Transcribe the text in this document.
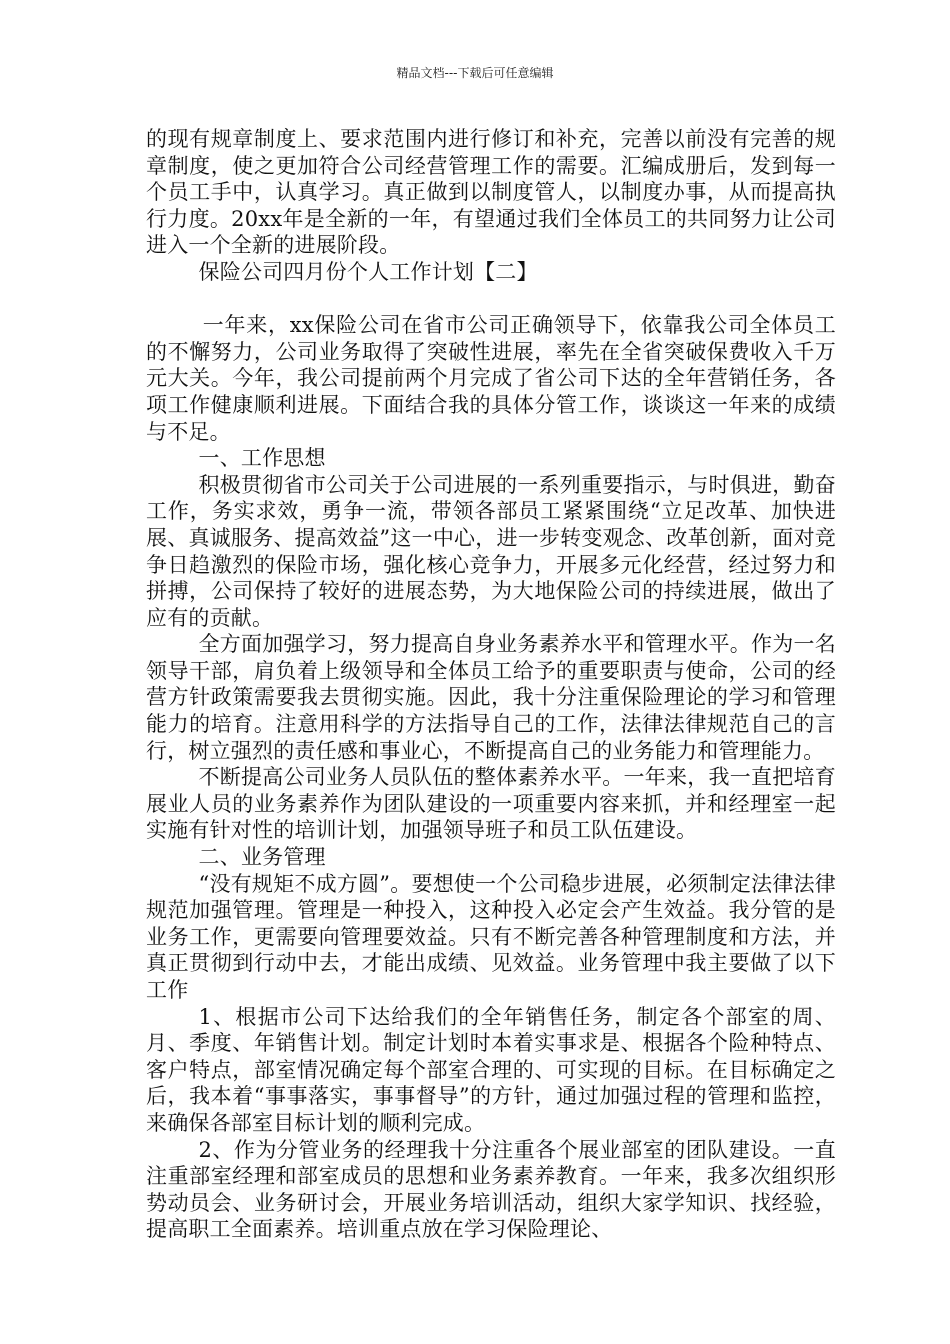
精品文档---下载后可任意编辑

的现有规章制度上、要求范围内进行修订和补充，完善以前没有完善的规章制度，使之更加符合公司经营管理工作的需要。汇编成册后，发到每一个员工手中，认真学习。真正做到以制度管人，以制度办事，从而提高执行力度。20xx年是全新的一年，有望通过我们全体员工的共同努力让公司进入一个全新的进展阶段。

保险公司四月份个人工作计划【二】

一年来，xx保险公司在省市公司正确领导下，依靠我公司全体员工的不懈努力，公司业务取得了突破性进展，率先在全省突破保费收入千万元大关。今年，我公司提前两个月完成了省公司下达的全年营销任务，各项工作健康顺利进展。下面结合我的具体分管工作，谈谈这一年来的成绩与不足。

一、工作思想

积极贯彻省市公司关于公司进展的一系列重要指示，与时俱进，勤奋工作，务实求效，勇争一流，带领各部员工紧紧围绕“立足改革、加快进展、真诚服务、提高效益”这一中心，进一步转变观念、改革创新，面对竞争日趋激烈的保险市场，强化核心竞争力，开展多元化经营，经过努力和拼搏，公司保持了较好的进展态势，为大地保险公司的持续进展，做出了应有的贡献。

全方面加强学习，努力提高自身业务素养水平和管理水平。作为一名领导干部，肩负着上级领导和全体员工给予的重要职责与使命，公司的经营方针政策需要我去贯彻实施。因此，我十分注重保险理论的学习和管理能力的培育。注意用科学的方法指导自己的工作，法律法律规范自己的言行，树立强烈的责任感和事业心，不断提高自己的业务能力和管理能力。

不断提高公司业务人员队伍的整体素养水平。一年来，我一直把培育展业人员的业务素养作为团队建设的一项重要内容来抓，并和经理室一起实施有针对性的培训计划，加强领导班子和员工队伍建设。

二、业务管理

“没有规矩不成方圆”。要想使一个公司稳步进展，必须制定法律法律规范加强管理。管理是一种投入，这种投入必定会产生效益。我分管的是业务工作，更需要向管理要效益。只有不断完善各种管理制度和方法，并真正贯彻到行动中去，才能出成绩、见效益。业务管理中我主要做了以下工作

1、根据市公司下达给我们的全年销售任务，制定各个部室的周、月、季度、年销售计划。制定计划时本着实事求是、根据各个险种特点、客户特点，部室情况确定每个部室合理的、可实现的目标。在目标确定之后，我本着“事事落实，事事督导”的方针，通过加强过程的管理和监控，来确保各部室目标计划的顺利完成。

2、作为分管业务的经理我十分注重各个展业部室的团队建设。一直注重部室经理和部室成员的思想和业务素养教育。一年来，我多次组织形势动员会、业务研讨会，开展业务培训活动，组织大家学知识、找经验，提高职工全面素养。培训重点放在学习保险理论、
